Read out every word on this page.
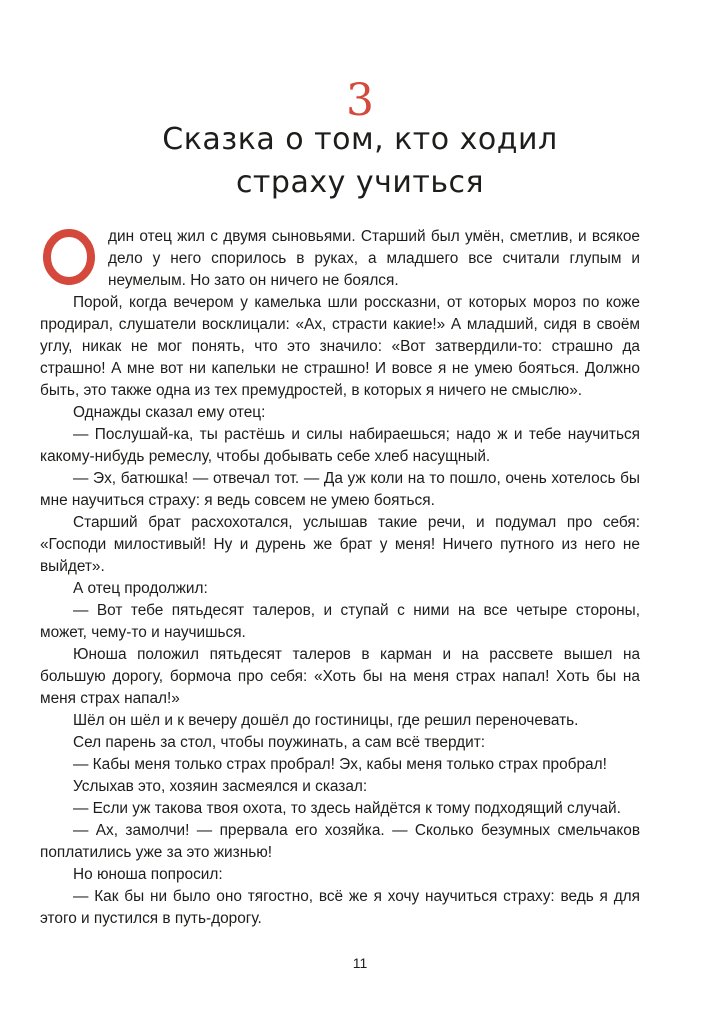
3
Сказка о том, кто ходил
страху учиться

дин отец жил с двумя сыновьями. Старший был умён, сметлив, и всякое дело у него спорилось в руках, а младшего все считали глупым и неумелым. Но зато он ничего не боялся.

Порой, когда вечером у камелька шли россказни, от которых мороз по коже продирал, слушатели восклицали: «Ах, страсти какие!» А младший, сидя в своём углу, никак не мог понять, что это значило: «Вот затвердили-то: страшно да страшно! А мне вот ни капельки не страшно! И вовсе я не умею бояться. Должно быть, это также одна из тех премудростей, в которых я ничего не смыслю».

Однажды сказал ему отец:

— Послушай-ка, ты растёшь и силы набираешься; надо ж и тебе научиться какому-нибудь ремеслу, чтобы добывать себе хлеб насущный.

— Эх, батюшка! — отвечал тот. — Да уж коли на то пошло, очень хотелось бы мне научиться страху: я ведь совсем не умею бояться.

Старший брат расхохотался, услышав такие речи, и подумал про себя: «Господи милостивый! Ну и дурень же брат у меня! Ничего путного из него не выйдет».

А отец продолжил:

— Вот тебе пятьдесят талеров, и ступай с ними на все четыре стороны, может, чему-то и научишься.

Юноша положил пятьдесят талеров в карман и на рассвете вышел на большую дорогу, бормоча про себя: «Хоть бы на меня страх напал! Хоть бы на меня страх напал!»

Шёл он шёл и к вечеру дошёл до гостиницы, где решил переночевать.

Сел парень за стол, чтобы поужинать, а сам всё твердит:

— Кабы меня только страх пробрал! Эх, кабы меня только страх пробрал!

Услыхав это, хозяин засмеялся и сказал:

— Если уж такова твоя охота, то здесь найдётся к тому подходящий случай.

— Ах, замолчи! — прервала его хозяйка. — Сколько безумных смельчаков поплатились уже за это жизнью!

Но юноша попросил:

— Как бы ни было оно тягостно, всё же я хочу научиться страху: ведь я для этого и пустился в путь-дорогу.

11
